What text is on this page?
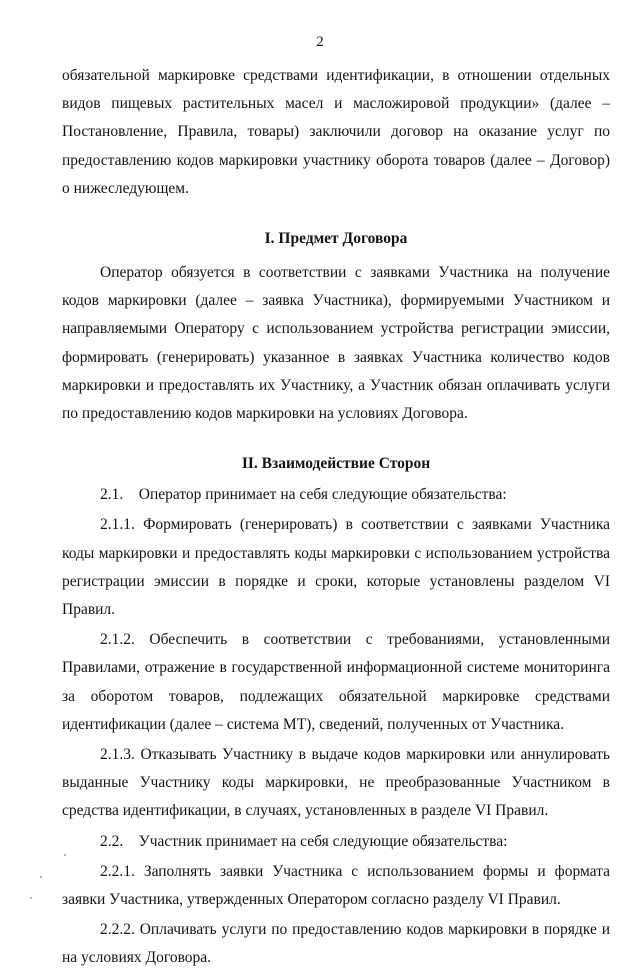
2

обязательной маркировке средствами идентификации, в отношении отдельных видов пищевых растительных масел и масложировой продукции» (далее – Постановление, Правила, товары) заключили договор на оказание услуг по предоставлению кодов маркировки участнику оборота товаров (далее – Договор) о нижеследующем.

I. Предмет Договора

Оператор обязуется в соответствии с заявками Участника на получение кодов маркировки (далее – заявка Участника), формируемыми Участником и направляемыми Оператору с использованием устройства регистрации эмиссии, формировать (генерировать) указанное в заявках Участника количество кодов маркировки и предоставлять их Участнику, а Участник обязан оплачивать услуги по предоставлению кодов маркировки на условиях Договора.

II. Взаимодействие Сторон

2.1. Оператор принимает на себя следующие обязательства:

2.1.1. Формировать (генерировать) в соответствии с заявками Участника коды маркировки и предоставлять коды маркировки с использованием устройства регистрации эмиссии в порядке и сроки, которые установлены разделом VI Правил.

2.1.2. Обеспечить в соответствии с требованиями, установленными Правилами, отражение в государственной информационной системе мониторинга за оборотом товаров, подлежащих обязательной маркировке средствами идентификации (далее – система МТ), сведений, полученных от Участника.

2.1.3. Отказывать Участнику в выдаче кодов маркировки или аннулировать выданные Участнику коды маркировки, не преобразованные Участником в средства идентификации, в случаях, установленных в разделе VI Правил.

2.2. Участник принимает на себя следующие обязательства:

2.2.1. Заполнять заявки Участника с использованием формы и формата заявки Участника, утвержденных Оператором согласно разделу VI Правил.

2.2.2. Оплачивать услуги по предоставлению кодов маркировки в порядке и на условиях Договора.
